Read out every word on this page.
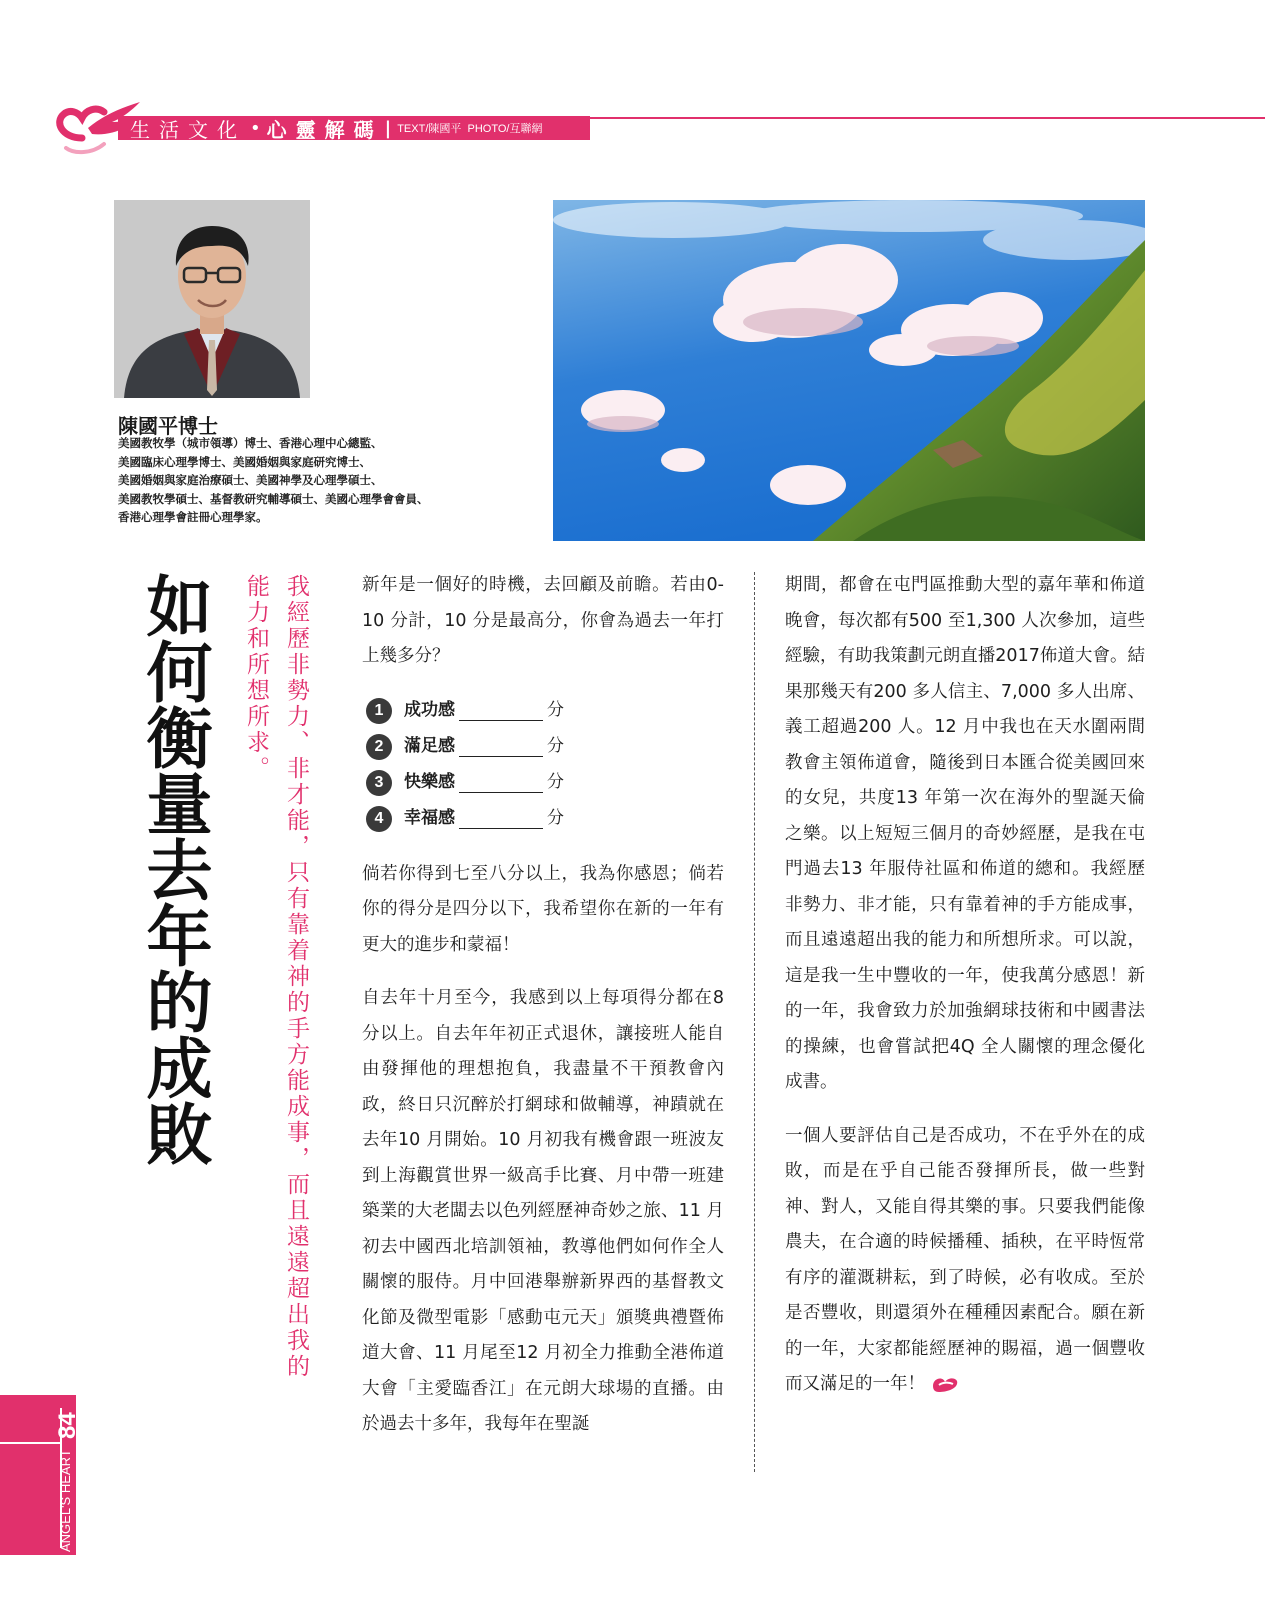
生活文化 • 心靈解碼 | TEXT/陳國平  PHOTO/互聯網
陳國平博士
美國教牧學（城市領導）博士、香港心理中心總監、
美國臨床心理學博士、美國婚姻與家庭研究博士、
美國婚姻與家庭治療碩士、美國神學及心理學碩士、
美國教牧學碩士、基督教研究輔導碩士、美國心理學會會員、
香港心理學會註冊心理學家。
如何衡量去年的成敗	我經歷非勢力、非才能，只有靠着神的手方能成事，而且遠遠超出我的能力和所想所求。	新年是一個好的時機，去回顧及前瞻。若由0-10 分計，10 分是最高分，你會為過去一年打上幾多分？

1	成功感	分
2	滿足感	分
3	快樂感	分
4	幸福感	分

倘若你得到七至八分以上，我為你感恩；倘若你的得分是四分以下，我希望你在新的一年有更大的進步和蒙福！

自去年十月至今，我感到以上每項得分都在8 分以上。自去年年初正式退休，讓接班人能自由發揮他的理想抱負，我盡量不干預教會內政，終日只沉醉於打網球和做輔導，神蹟就在去年10 月開始。10 月初我有機會跟一班波友到上海觀賞世界一級高手比賽、月中帶一班建築業的大老闆去以色列經歷神奇妙之旅、11 月初去中國西北培訓領袖，教導他們如何作全人關懷的服侍。月中回港舉辦新界西的基督教文化節及微型電影「感動屯元天」頒獎典禮暨佈道大會、11 月尾至12 月初全力推動全港佈道大會「主愛臨香江」在元朗大球場的直播。由於過去十多年，我每年在聖誕

期間，都會在屯門區推動大型的嘉年華和佈道晚會，每次都有500 至1,300 人次參加，這些經驗，有助我策劃元朗直播2017佈道大會。結果那幾天有200 多人信主、7,000 多人出席、義工超過200 人。12 月中我也在天水圍兩間教會主領佈道會，隨後到日本匯合從美國回來的女兒，共度13 年第一次在海外的聖誕天倫之樂。以上短短三個月的奇妙經歷，是我在屯門過去13 年服侍社區和佈道的總和。我經歷非勢力、非才能，只有靠着神的手方能成事，而且遠遠超出我的能力和所想所求。可以說，這是我一生中豐收的一年，使我萬分感恩！新的一年，我會致力於加強網球技術和中國書法的操練，也會嘗試把4Q 全人關懷的理念優化成書。

一個人要評估自己是否成功，不在乎外在的成敗，而是在乎自己能否發揮所長，做一些對神、對人，又能自得其樂的事。只要我們能像農夫，在合適的時候播種、插秧，在平時恆常有序的灌溉耕耘，到了時候，必有收成。至於是否豐收，則還須外在種種因素配合。願在新的一年，大家都能經歷神的賜福，過一個豐收而又滿足的一年！

84
ANGEL'S HEART
